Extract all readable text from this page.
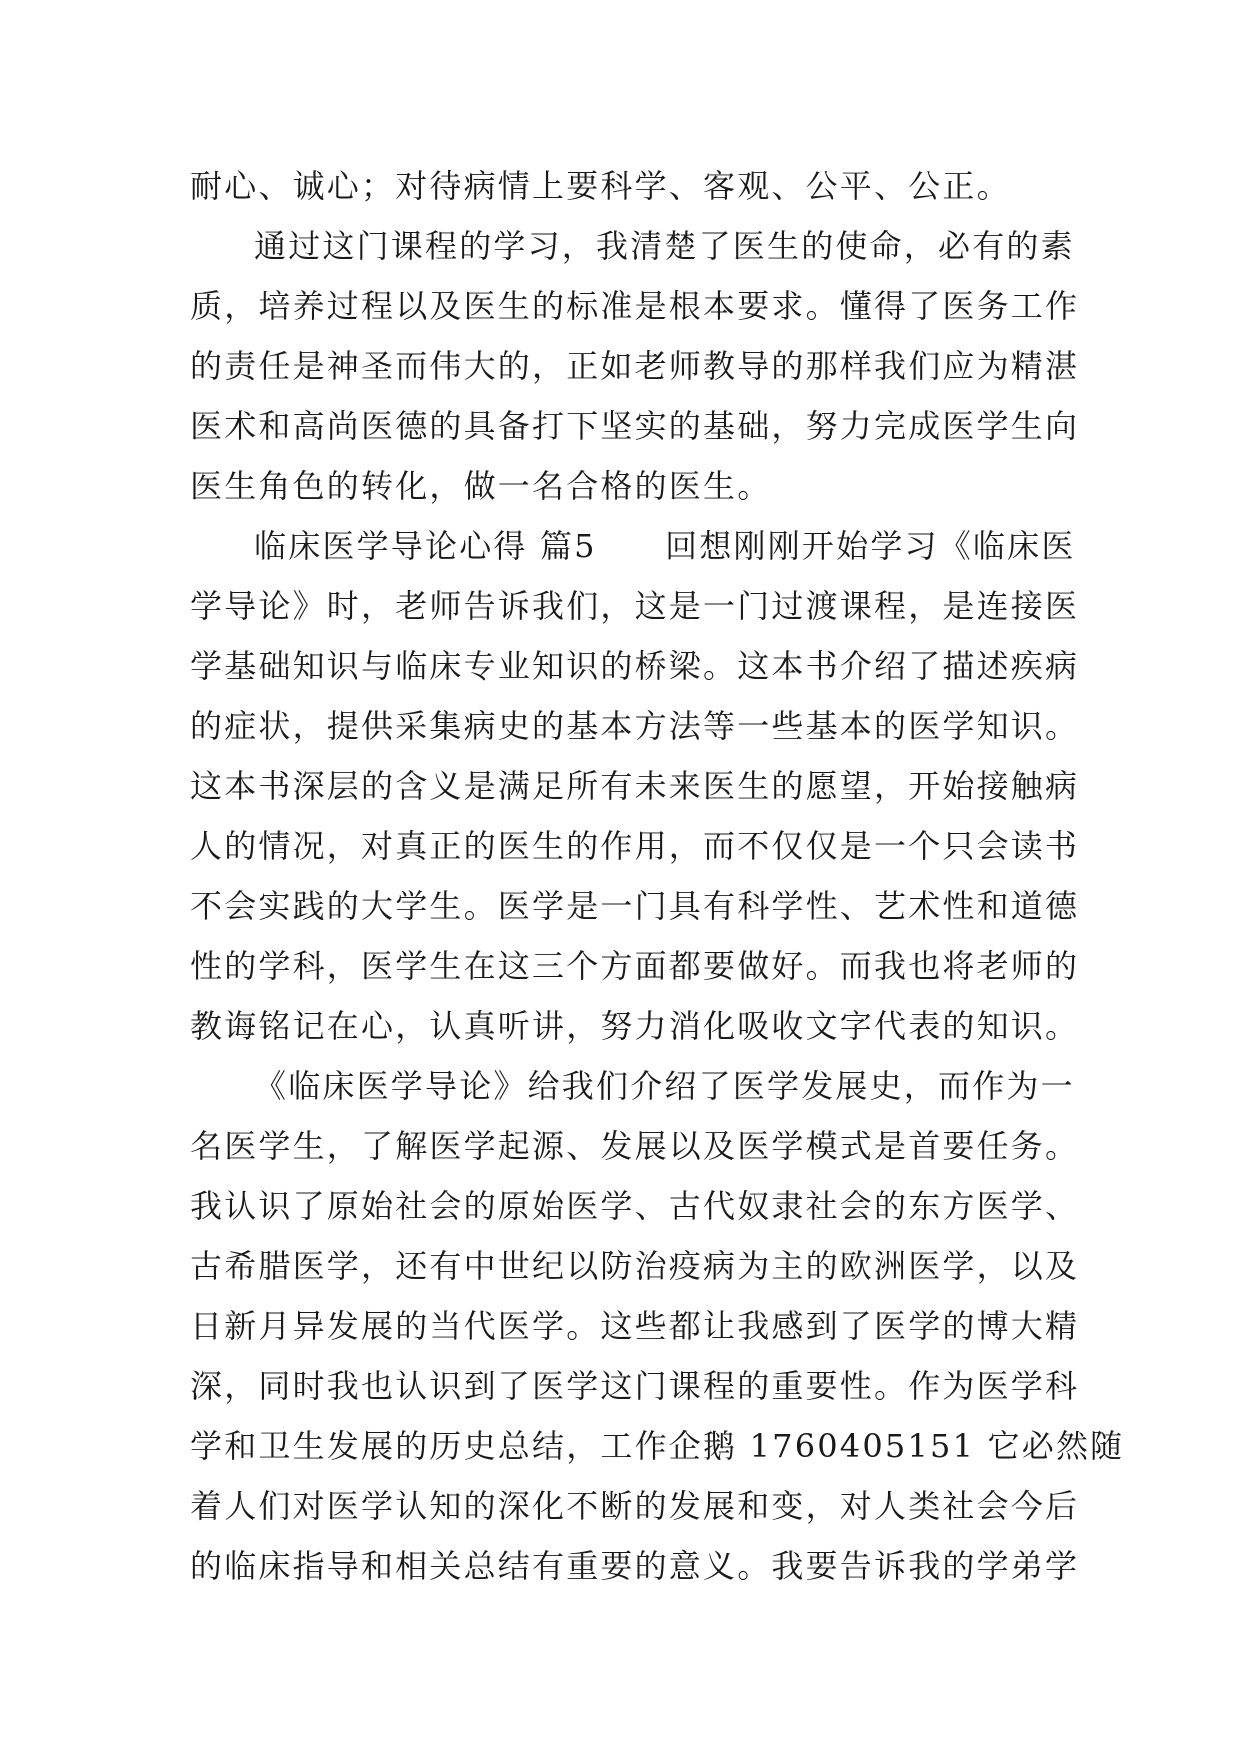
耐心、诚心；对待病情上要科学、客观、公平、公正。
通过这门课程的学习，我清楚了医生的使命，必有的素
质，培养过程以及医生的标准是根本要求。懂得了医务工作
的责任是神圣而伟大的，正如老师教导的那样我们应为精湛
医术和高尚医德的具备打下坚实的基础，努力完成医学生向
医生角色的转化，做一名合格的医生。
临床医学导论心得 篇5　　回想刚刚开始学习《临床医
学导论》时，老师告诉我们，这是一门过渡课程，是连接医
学基础知识与临床专业知识的桥梁。这本书介绍了描述疾病
的症状，提供采集病史的基本方法等一些基本的医学知识。
这本书深层的含义是满足所有未来医生的愿望，开始接触病
人的情况，对真正的医生的作用，而不仅仅是一个只会读书
不会实践的大学生。医学是一门具有科学性、艺术性和道德
性的学科，医学生在这三个方面都要做好。而我也将老师的
教诲铭记在心，认真听讲，努力消化吸收文字代表的知识。
《临床医学导论》给我们介绍了医学发展史，而作为一
名医学生，了解医学起源、发展以及医学模式是首要任务。
我认识了原始社会的原始医学、古代奴隶社会的东方医学、
古希腊医学，还有中世纪以防治疫病为主的欧洲医学，以及
日新月异发展的当代医学。这些都让我感到了医学的博大精
深，同时我也认识到了医学这门课程的重要性。作为医学科
学和卫生发展的历史总结，工作企鹅 1760405151 它必然随
着人们对医学认知的深化不断的发展和变，对人类社会今后
的临床指导和相关总结有重要的意义。我要告诉我的学弟学
